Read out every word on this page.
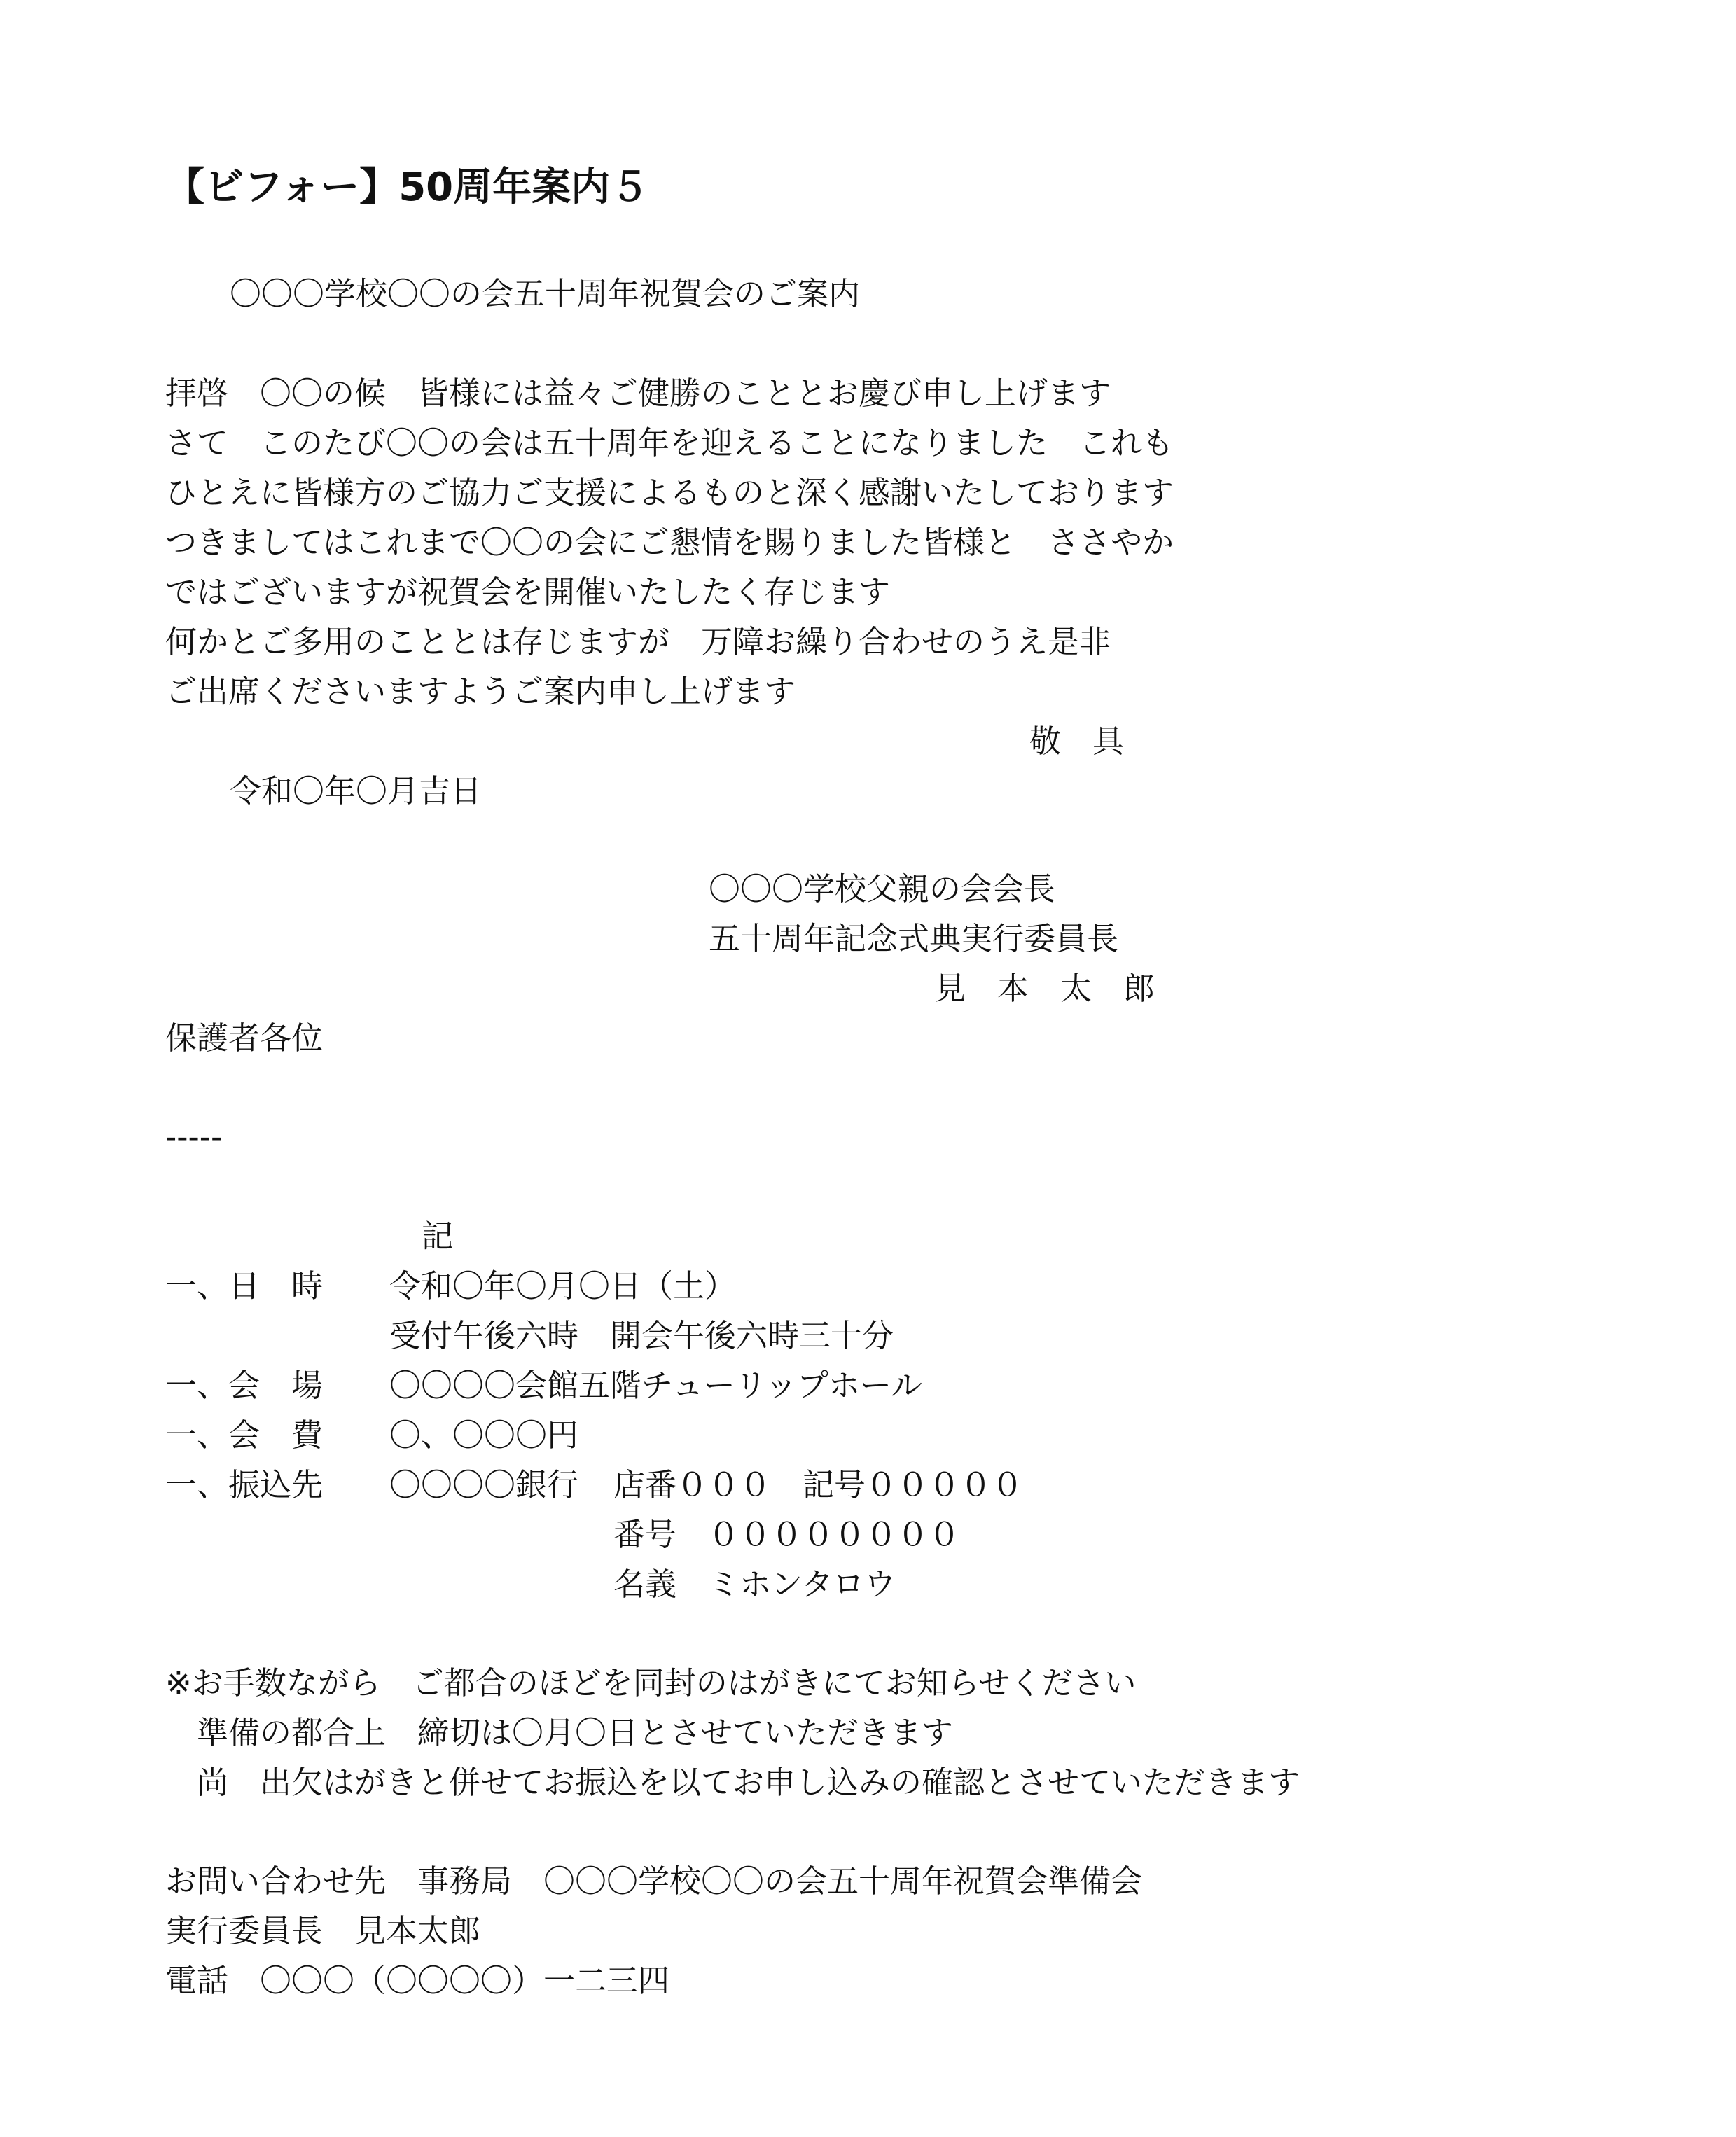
【ビフォー】50周年案内５
〇〇〇学校〇〇の会五十周年祝賀会のご案内
拝啓　〇〇の候　皆様には益々ご健勝のこととお慶び申し上げます
さて　このたび〇〇の会は五十周年を迎えることになりました　これも
ひとえに皆様方のご協力ご支援によるものと深く感謝いたしております
つきましてはこれまで〇〇の会にご懇情を賜りました皆様と　ささやか
ではございますが祝賀会を開催いたしたく存じます
何かとご多用のこととは存じますが　万障お繰り合わせのうえ是非
ご出席くださいますようご案内申し上げます
敬　具
令和〇年〇月吉日
〇〇〇学校父親の会会長
五十周年記念式典実行委員長
見　本　太　郎
保護者各位
-----
記
一、日　時 令和〇年〇月〇日（土）
受付午後六時　開会午後六時三十分
一、会　場 〇〇〇〇会館五階チューリップホール
一、会　費 〇、〇〇〇円
一、振込先 〇〇〇〇銀行 店番０００　記号０００００
番号　００００００００
名義　ミホンタロウ
※お手数ながら　ご都合のほどを同封のはがきにてお知らせください
　準備の都合上　締切は〇月〇日とさせていただきます
　尚　出欠はがきと併せてお振込を以てお申し込みの確認とさせていただきます
お問い合わせ先　事務局　〇〇〇学校〇〇の会五十周年祝賀会準備会
実行委員長　見本太郎
電話　〇〇〇（〇〇〇〇）一二三四
